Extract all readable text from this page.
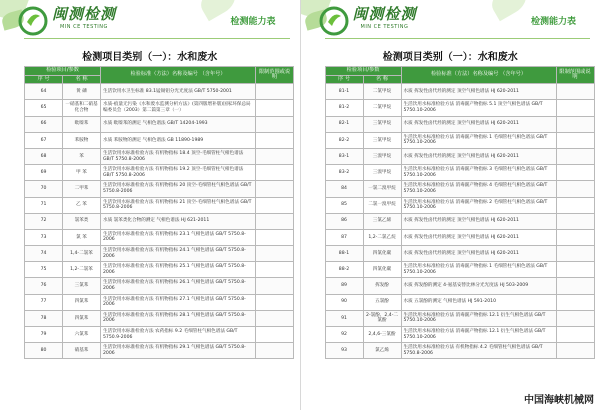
闽测检测
MIN CE TESTING	检测能力表
检测项目类别（一）：水和废水
检验项目/参数		检验标准（方法）名称及编号 （含年号）	限制范围或说明
序 号	名 称		
64	黄 磷	生活饮用水卫生标准 83.1锰锡钼分光光度法 GB/T 5750-2001	
65	一硝基和二硝基化合物	水质-痕量无污染《水和废水监测分析方法》(第四版增补版)国家环保总局编委员会（2003）第二篇第三章（一）	
66	吡嗪苯	水质 吡嗪苯的测定 气相色谱法 GB/T 14204-1993	
67	苯胺物	水质 苯胺物的测定 气相色谱法 GB 11890-1989	
68	苯	生活饮用水标准检验方法 有机物指标 18.4 顶空-毛细管柱气相色谱法 GB/T 5750.8-2006	
69	甲 苯	生活饮用水标准检验方法 有机物指标 19.2 顶空-毛细管柱气相色谱法 GB/T 5750.8-2006	
70	二甲苯	生活饮用水标准检验方法 有机物指标 20 顶空-毛细管柱气相色谱法 GB/T 5750.8-2006	
71	乙 苯	生活饮用水标准检验方法 有机物指标 21 顶空-毛细管柱气相色谱法 GB/T 5750.8-2006	
72	氯苯类	水质 氯苯类化合物的测定 气相色谱法 HJ 621-2011	
73	氯 苯	生活饮用水标准检验方法 有机物指标 23.1 气相色谱法 GB/T 5750.8-2006	
74	1,4-二氯苯	生活饮用水标准检验方法 有机物指标 24.1 气相色谱法 GB/T 5750.8-2006	
75	1,2-二氯苯	生活饮用水标准检验方法 有机物指标 25.1 气相色谱法 GB/T 5750.8-2006	
76	三氯苯	生活饮用水标准检验方法 有机物指标 26.1 气相色谱法 GB/T 5750.8-2006	
77	四氯苯	生活饮用水标准检验方法 有机物指标 27.1 气相色谱法 GB/T 5750.8-2006	
78	四氯苯	生活饮用水标准检验方法 有机物指标 28.1 气相色谱法 GB/T 5750.8-2006	
79	六氯苯	生活饮用水标准检验方法 农药指标 9.2 毛细管柱气相色谱法 GB/T 5750.9-2006	
80	硝基苯	生活饮用水标准检验方法 有机物指标 29.1 气相色谱法 GB/T 5750.8-2006	
闽测检测
MIN CE TESTING	检测能力表
检测项目类别（一）：水和废水
检验项目/参数		检验标准（方法）名称及编号 （含年号）	限制范围或说明
序 号	名 称		
81-1	二氯甲烷	水质 挥发性卤代烃的测定 顶空气相色谱法 HJ 620-2011	
81-2	二氯甲烷	生活饮用水标准检验方法 消毒副产物指标 5.1 顶空气相色谱法 GB/T 5750.10-2006	
82-1	三氯甲烷	水质 挥发性卤代烃的测定 顶空气相色谱法 HJ 620-2011	
82-2	三氯甲烷	生活饮用水标准检验方法 消毒副产物指标 1 毛细管柱气相色谱法 GB/T 5750.10-2006	
83-1	三溴甲烷	水质 挥发性卤代烃的测定 顶空气相色谱法 HJ 620-2011	
83-2	三溴甲烷	生活饮用水标准检验方法 消毒副产物指标 3 毛细管柱气相色谱法 GB/T 5750.10-2006	
84	一氯二溴甲烷	生活饮用水标准检验方法 消毒副产物指标 4 毛细管柱气相色谱法 GB/T 5750.10-2006	
85	二氯一溴甲烷	生活饮用水标准检验方法 消毒副产物指标 2 毛细管柱气相色谱法 GB/T 5750.10-2006	
86	三氯乙烯	水质 挥发性卤代烃的测定 顶空气相色谱法 HJ 620-2011	
87	1,2-二氯乙烷	水质 挥发性卤代烃的测定 顶空气相色谱法 HJ 620-2011	
88-1	四氯化碳	水质 挥发性卤代烃的测定 顶空气相色谱法 HJ 620-2011	
88-2	四氯化碳	生活饮用水标准检验方法 消毒副产物指标 1 毛细管柱气相色谱法 GB/T 5750.10-2006	
89	挥发酚	水质 挥发酚的测定 4-氨基安替比林分光光度法 HJ 503-2009	
90	五氯酚	水质 五氯酚的测定 气相色谱法 HJ 591-2010	
91	2-氯酚、2,4-二氯酚	生活饮用水标准检验方法 消毒副产物指标 12.1 衍生气相色谱法 GB/T 5750.10-2006	
92	2,4,6-三氯酚	生活饮用水标准检验方法 消毒副产物指标 12.1 衍生气相色谱法 GB/T 5750.10-2006	
93	氯乙烯	生活饮用水标准检验方法 有机物指标 4.2 毛细管柱气相色谱法 GB/T 5750.8-2006	
中国海峡机械网
